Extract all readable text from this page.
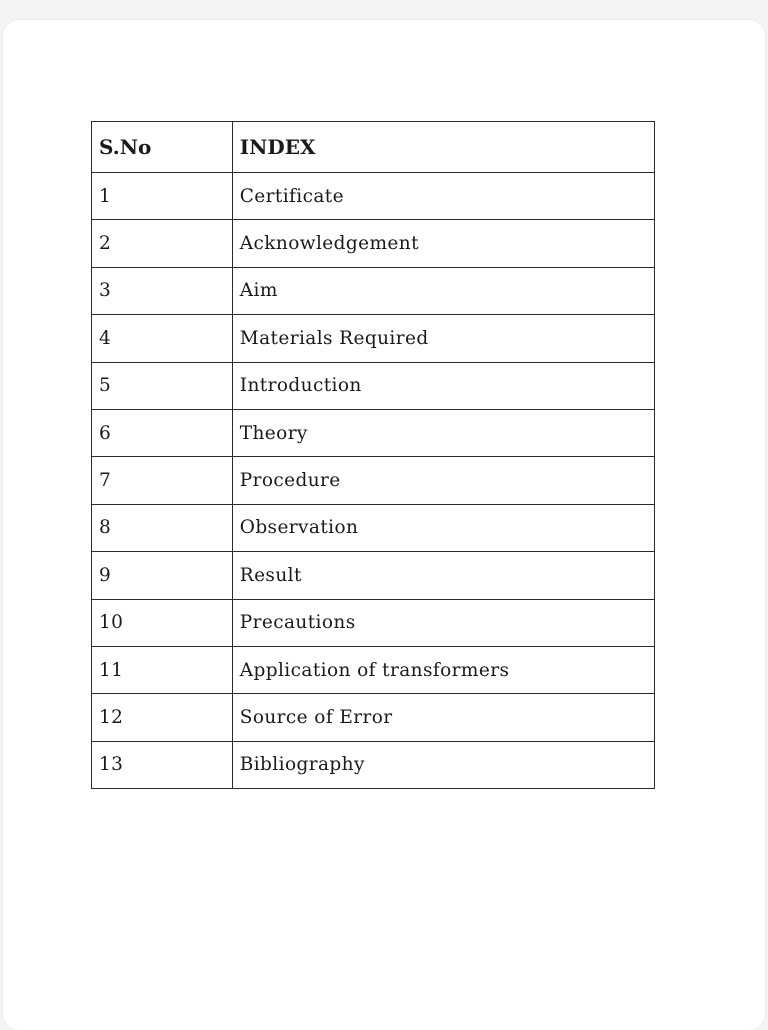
S.No	INDEX
1	Certificate
2	Acknowledgement
3	Aim
4	Materials Required
5	Introduction
6	Theory
7	Procedure
8	Observation
9	Result
10	Precautions
11	Application of transformers
12	Source of Error
13	Bibliography
